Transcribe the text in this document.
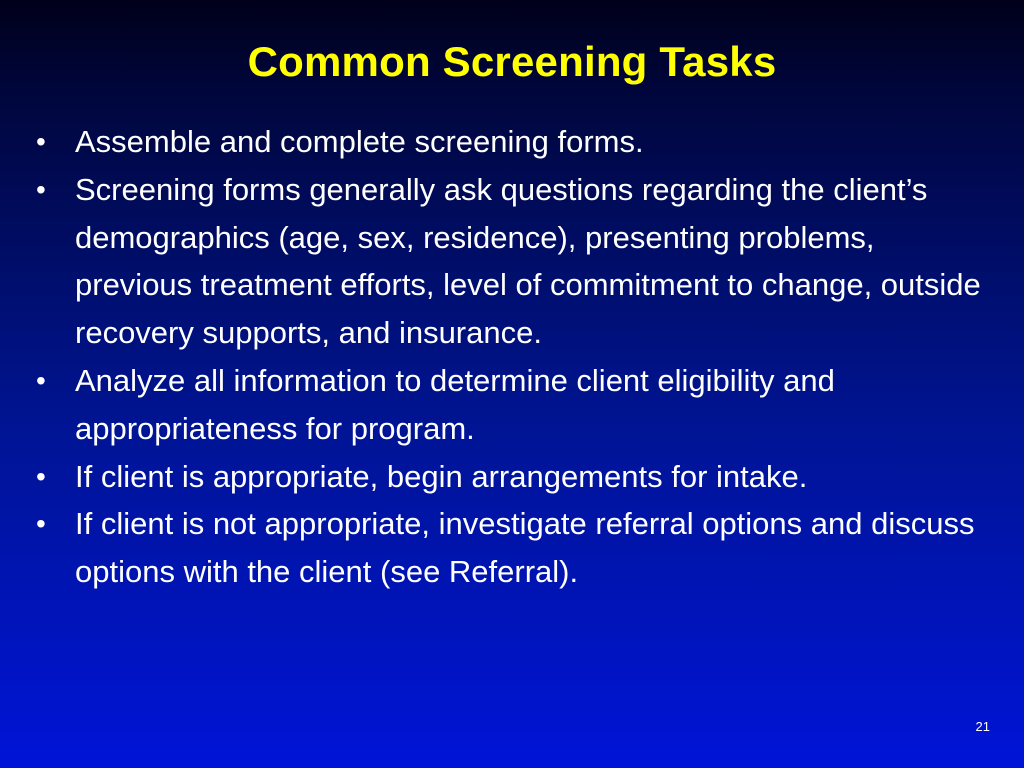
Common Screening Tasks
• Assemble and complete screening forms.
• Screening forms generally ask questions regarding the client’s demographics (age, sex, residence), presenting problems, previous treatment efforts, level of commitment to change, outside recovery supports, and insurance.
• Analyze all information to determine client eligibility and appropriateness for program.
• If client is appropriate, begin arrangements for intake.
• If client is not appropriate, investigate referral options and discuss options with the client (see Referral).
21
